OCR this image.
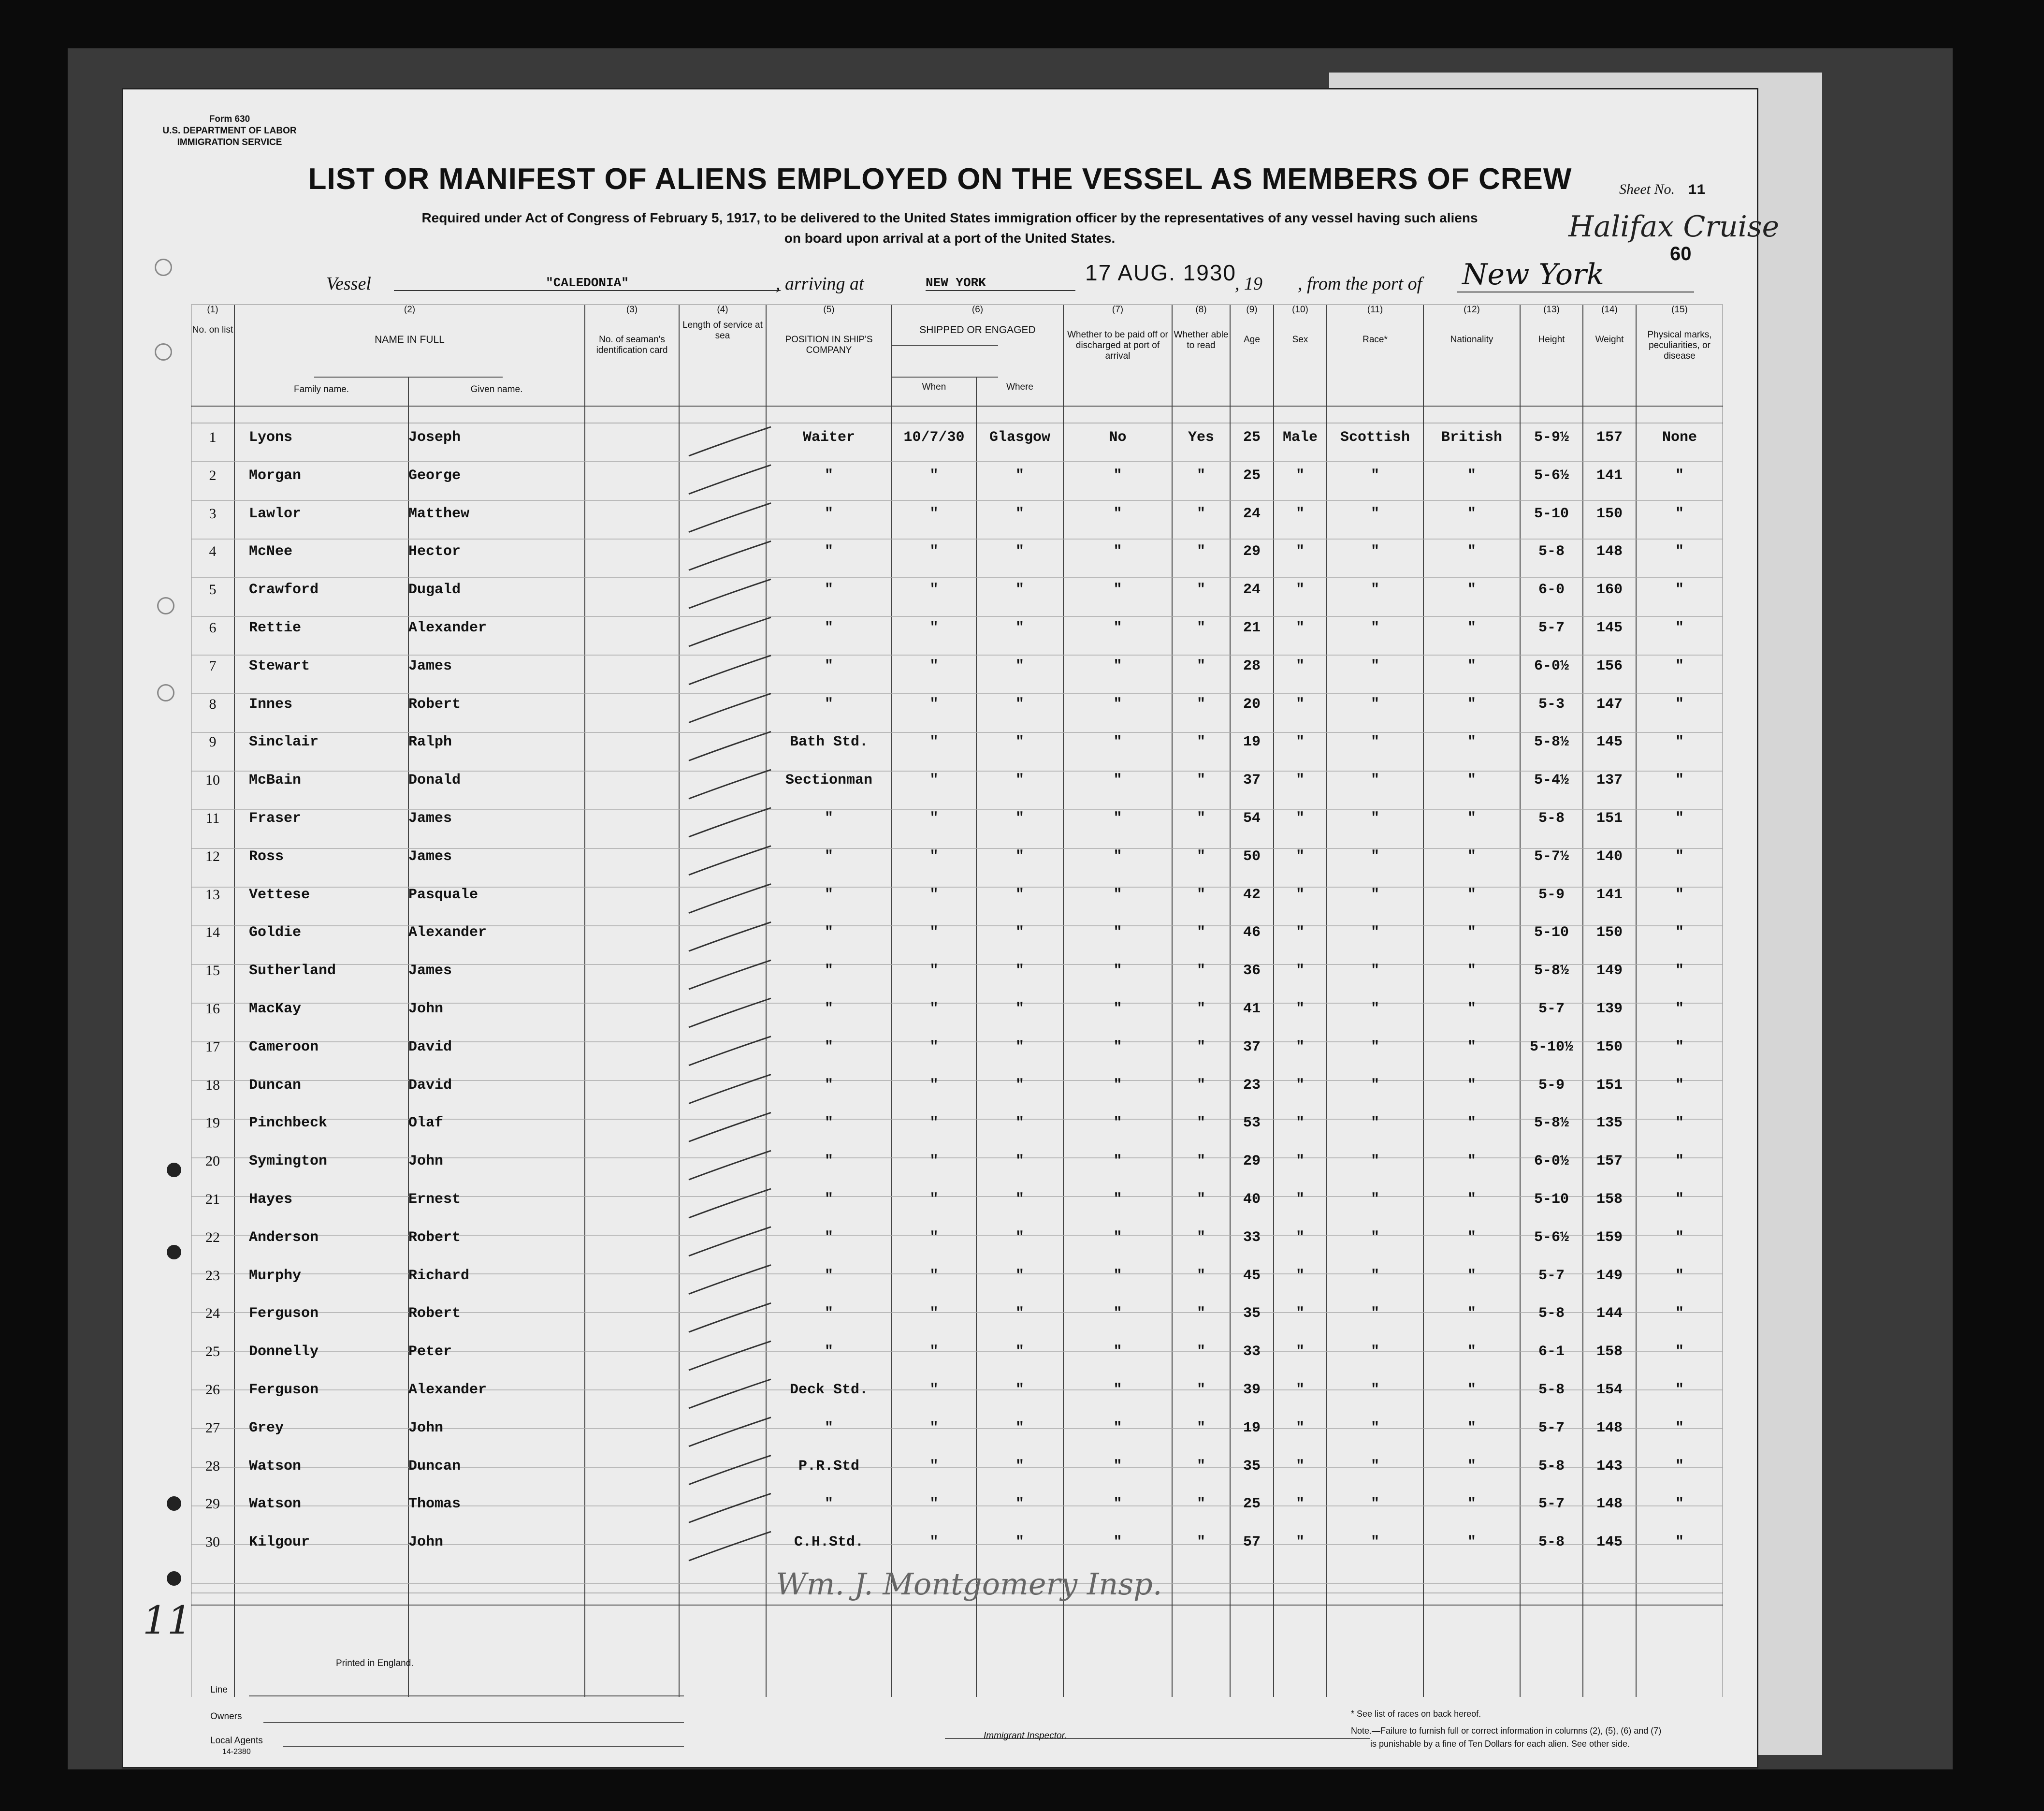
Form 630
U.S. DEPARTMENT OF LABOR
IMMIGRATION SERVICE
Sheet No. 11
LIST OR MANIFEST OF ALIENS EMPLOYED ON THE VESSEL AS MEMBERS OF CREW
Required under Act of Congress of February 5, 1917, to be delivered to the United States immigration officer by the representatives of any vessel having such aliens
on board upon arrival at a port of the United States.	Halifax Cruise
60
Vessel	"CALEDONIA"	, arriving at	NEW YORK	17 AUG. 1930
, 19 , from the port of New York
(1)
No. on list
(2)
NAME IN FULL
Family name.	Given name.
(3)
No. of seaman's identification card
(4)
Length of service at sea
(5)
POSITION IN SHIP'S COMPANY
(6)
SHIPPED OR ENGAGED
When	Where
(7)
Whether to be paid off or discharged at port of arrival
(8)
Whether able to read
(9)
Age
(10)
Sex
(11)
Race*
(12)
Nationality
(13)
Height
(14)
Weight
(15)
Physical marks, peculiarities, or disease
1	Lyons	Joseph	Waiter	10/7/30	Glasgow	No	Yes	25	Male	Scottish	British	5-9½	157	None
2	Morgan	George	"	"	"	"	"	25	"	"	"	5-6½	141	"
3	Lawlor	Matthew	"	"	"	"	"	24	"	"	"	5-10	150	"
4	McNee	Hector	"	"	"	"	"	29	"	"	"	5-8	148	"
5	Crawford	Dugald	"	"	"	"	"	24	"	"	"	6-0	160	"
6	Rettie	Alexander	"	"	"	"	"	21	"	"	"	5-7	145	"
7	Stewart	James	"	"	"	"	"	28	"	"	"	6-0½	156	"
8	Innes	Robert	"	"	"	"	"	20	"	"	"	5-3	147	"
9	Sinclair	Ralph	Bath Std.	"	"	"	"	19	"	"	"	5-8½	145	"
10	McBain	Donald	Sectionman	"	"	"	"	37	"	"	"	5-4½	137	"
11	Fraser	James	"	"	"	"	"	54	"	"	"	5-8	151	"
12	Ross	James	"	"	"	"	"	50	"	"	"	5-7½	140	"
13	Vettese	Pasquale	"	"	"	"	"	42	"	"	"	5-9	141	"
14	Goldie	Alexander	"	"	"	"	"	46	"	"	"	5-10	150	"
15	Sutherland	James	"	"	"	"	"	36	"	"	"	5-8½	149	"
16	MacKay	John	"	"	"	"	"	41	"	"	"	5-7	139	"
17	Cameroon	David	"	"	"	"	"	37	"	"	"	5-10½	150	"
18	Duncan	David	"	"	"	"	"	23	"	"	"	5-9	151	"
19	Pinchbeck	Olaf	"	"	"	"	"	53	"	"	"	5-8½	135	"
20	Symington	John	"	"	"	"	"	29	"	"	"	6-0½	157	"
21	Hayes	Ernest	"	"	"	"	"	40	"	"	"	5-10	158	"
22	Anderson	Robert	"	"	"	"	"	33	"	"	"	5-6½	159	"
23	Murphy	Richard	"	"	"	"	"	45	"	"	"	5-7	149	"
24	Ferguson	Robert	"	"	"	"	"	35	"	"	"	5-8	144	"
25	Donnelly	Peter	"	"	"	"	"	33	"	"	"	6-1	158	"
26	Ferguson	Alexander	Deck Std.	"	"	"	"	39	"	"	"	5-8	154	"
27	Grey	John	"	"	"	"	"	19	"	"	"	5-7	148	"
28	Watson	Duncan	P.R.Std	"	"	"	"	35	"	"	"	5-8	143	"
29	Watson	Thomas	"	"	"	"	"	25	"	"	"	5-7	148	"
30	Kilgour	John	C.H.Std.	"	"	"	"	57	"	"	"	5-8	145	"
Wm. J. Montgomery Insp.
11
Printed in England.
Line
Owners
Local Agents
14-2380
Immigrant Inspector.
* See list of races on back hereof.
Note.—Failure to furnish full or correct information in columns (2), (5), (6) and (7)
is punishable by a fine of Ten Dollars for each alien. See other side.
